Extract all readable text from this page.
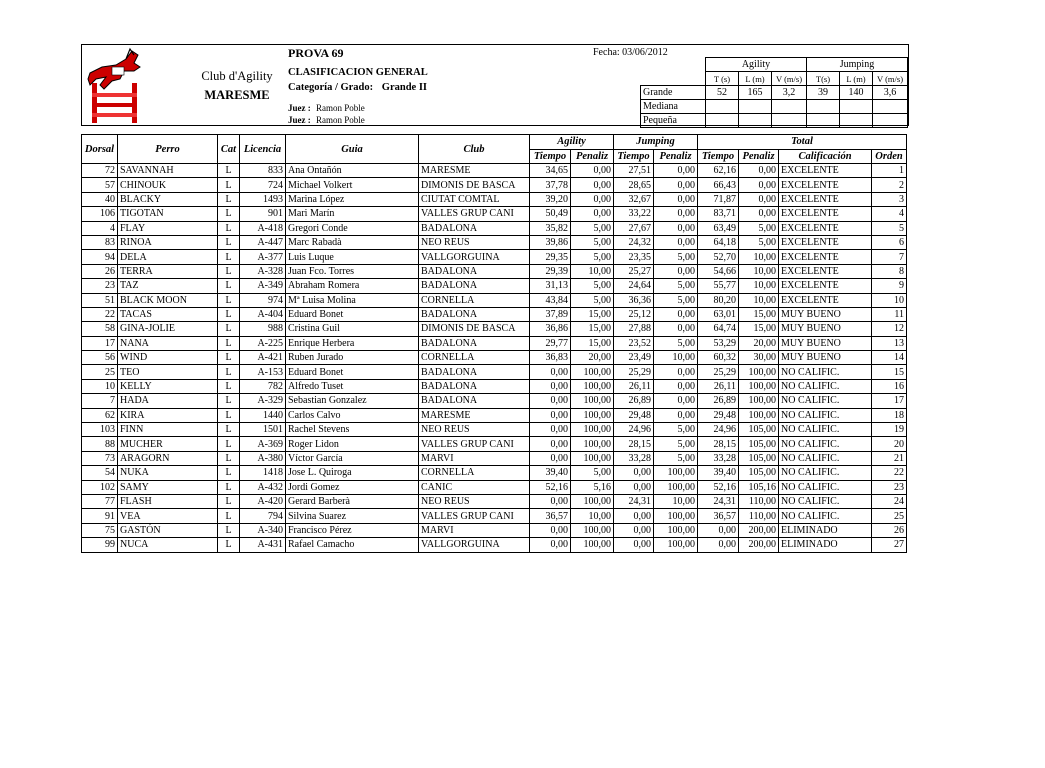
Club d'Agility
MARESME
PROVA 69
CLASIFICACION GENERAL
Categoría / Grado: Grande II
Juez : Ramon Poble
Juez : Ramon Poble
Fecha: 03/06/2012
	Agility			Jumping		
	T (s)	L (m)	V (m/s)	T(s)	L (m)	V (m/s)
Grande	52	165	3,2	39	140	3,6
Mediana						
Pequeña						
Dorsal	Perro	Cat	Licencia	Guia	Club	Agility		Jumping		Total			
						Tiempo	Penaliz	Tiempo	Penaliz	Tiempo	Penaliz	Calificación	Orden
72	SAVANNAH	L	833	Ana Ontañón	MARESME	34,65	0,00	27,51	0,00	62,16	0,00	EXCELENTE	1
57	CHINOUK	L	724	Michael Volkert	DIMONIS DE BASCA	37,78	0,00	28,65	0,00	66,43	0,00	EXCELENTE	2
40	BLACKY	L	1493	Marina López	CIUTAT COMTAL	39,20	0,00	32,67	0,00	71,87	0,00	EXCELENTE	3
106	TIGOTAN	L	901	Mari Marín	VALLES GRUP CANI	50,49	0,00	33,22	0,00	83,71	0,00	EXCELENTE	4
4	FLAY	L	A-418	Gregori Conde	BADALONA	35,82	5,00	27,67	0,00	63,49	5,00	EXCELENTE	5
83	RINOA	L	A-447	Marc Rabadà	NEO REUS	39,86	5,00	24,32	0,00	64,18	5,00	EXCELENTE	6
94	DELA	L	A-377	Luis Luque	VALLGORGUINA	29,35	5,00	23,35	5,00	52,70	10,00	EXCELENTE	7
26	TERRA	L	A-328	Juan Fco. Torres	BADALONA	29,39	10,00	25,27	0,00	54,66	10,00	EXCELENTE	8
23	TAZ	L	A-349	Abraham Romera	BADALONA	31,13	5,00	24,64	5,00	55,77	10,00	EXCELENTE	9
51	BLACK MOON	L	974	Mª Luisa Molina	CORNELLA	43,84	5,00	36,36	5,00	80,20	10,00	EXCELENTE	10
22	TACAS	L	A-404	Eduard Bonet	BADALONA	37,89	15,00	25,12	0,00	63,01	15,00	MUY BUENO	11
58	GINA-JOLIE	L	988	Cristina Guil	DIMONIS DE BASCA	36,86	15,00	27,88	0,00	64,74	15,00	MUY BUENO	12
17	NANA	L	A-225	Enrique Herbera	BADALONA	29,77	15,00	23,52	5,00	53,29	20,00	MUY BUENO	13
56	WIND	L	A-421	Ruben Jurado	CORNELLA	36,83	20,00	23,49	10,00	60,32	30,00	MUY BUENO	14
25	TEO	L	A-153	Eduard Bonet	BADALONA	0,00	100,00	25,29	0,00	25,29	100,00	NO CALIFIC.	15
10	KELLY	L	782	Alfredo Tuset	BADALONA	0,00	100,00	26,11	0,00	26,11	100,00	NO CALIFIC.	16
7	HADA	L	A-329	Sebastian Gonzalez	BADALONA	0,00	100,00	26,89	0,00	26,89	100,00	NO CALIFIC.	17
62	KIRA	L	1440	Carlos Calvo	MARESME	0,00	100,00	29,48	0,00	29,48	100,00	NO CALIFIC.	18
103	FINN	L	1501	Rachel Stevens	NEO REUS	0,00	100,00	24,96	5,00	24,96	105,00	NO CALIFIC.	19
88	MUCHER	L	A-369	Roger Lidon	VALLES GRUP CANI	0,00	100,00	28,15	5,00	28,15	105,00	NO CALIFIC.	20
73	ARAGORN	L	A-380	Víctor García	MARVI	0,00	100,00	33,28	5,00	33,28	105,00	NO CALIFIC.	21
54	NUKA	L	1418	Jose L. Quiroga	CORNELLA	39,40	5,00	0,00	100,00	39,40	105,00	NO CALIFIC.	22
102	SAMY	L	A-432	Jordi Gomez	CANIC	52,16	5,16	0,00	100,00	52,16	105,16	NO CALIFIC.	23
77	FLASH	L	A-420	Gerard Barberà	NEO REUS	0,00	100,00	24,31	10,00	24,31	110,00	NO CALIFIC.	24
91	VEA	L	794	Silvina Suarez	VALLES GRUP CANI	36,57	10,00	0,00	100,00	36,57	110,00	NO CALIFIC.	25
75	GASTÓN	L	A-340	Francisco Pérez	MARVI	0,00	100,00	0,00	100,00	0,00	200,00	ELIMINADO	26
99	NUCA	L	A-431	Rafael Camacho	VALLGORGUINA	0,00	100,00	0,00	100,00	0,00	200,00	ELIMINADO	27
